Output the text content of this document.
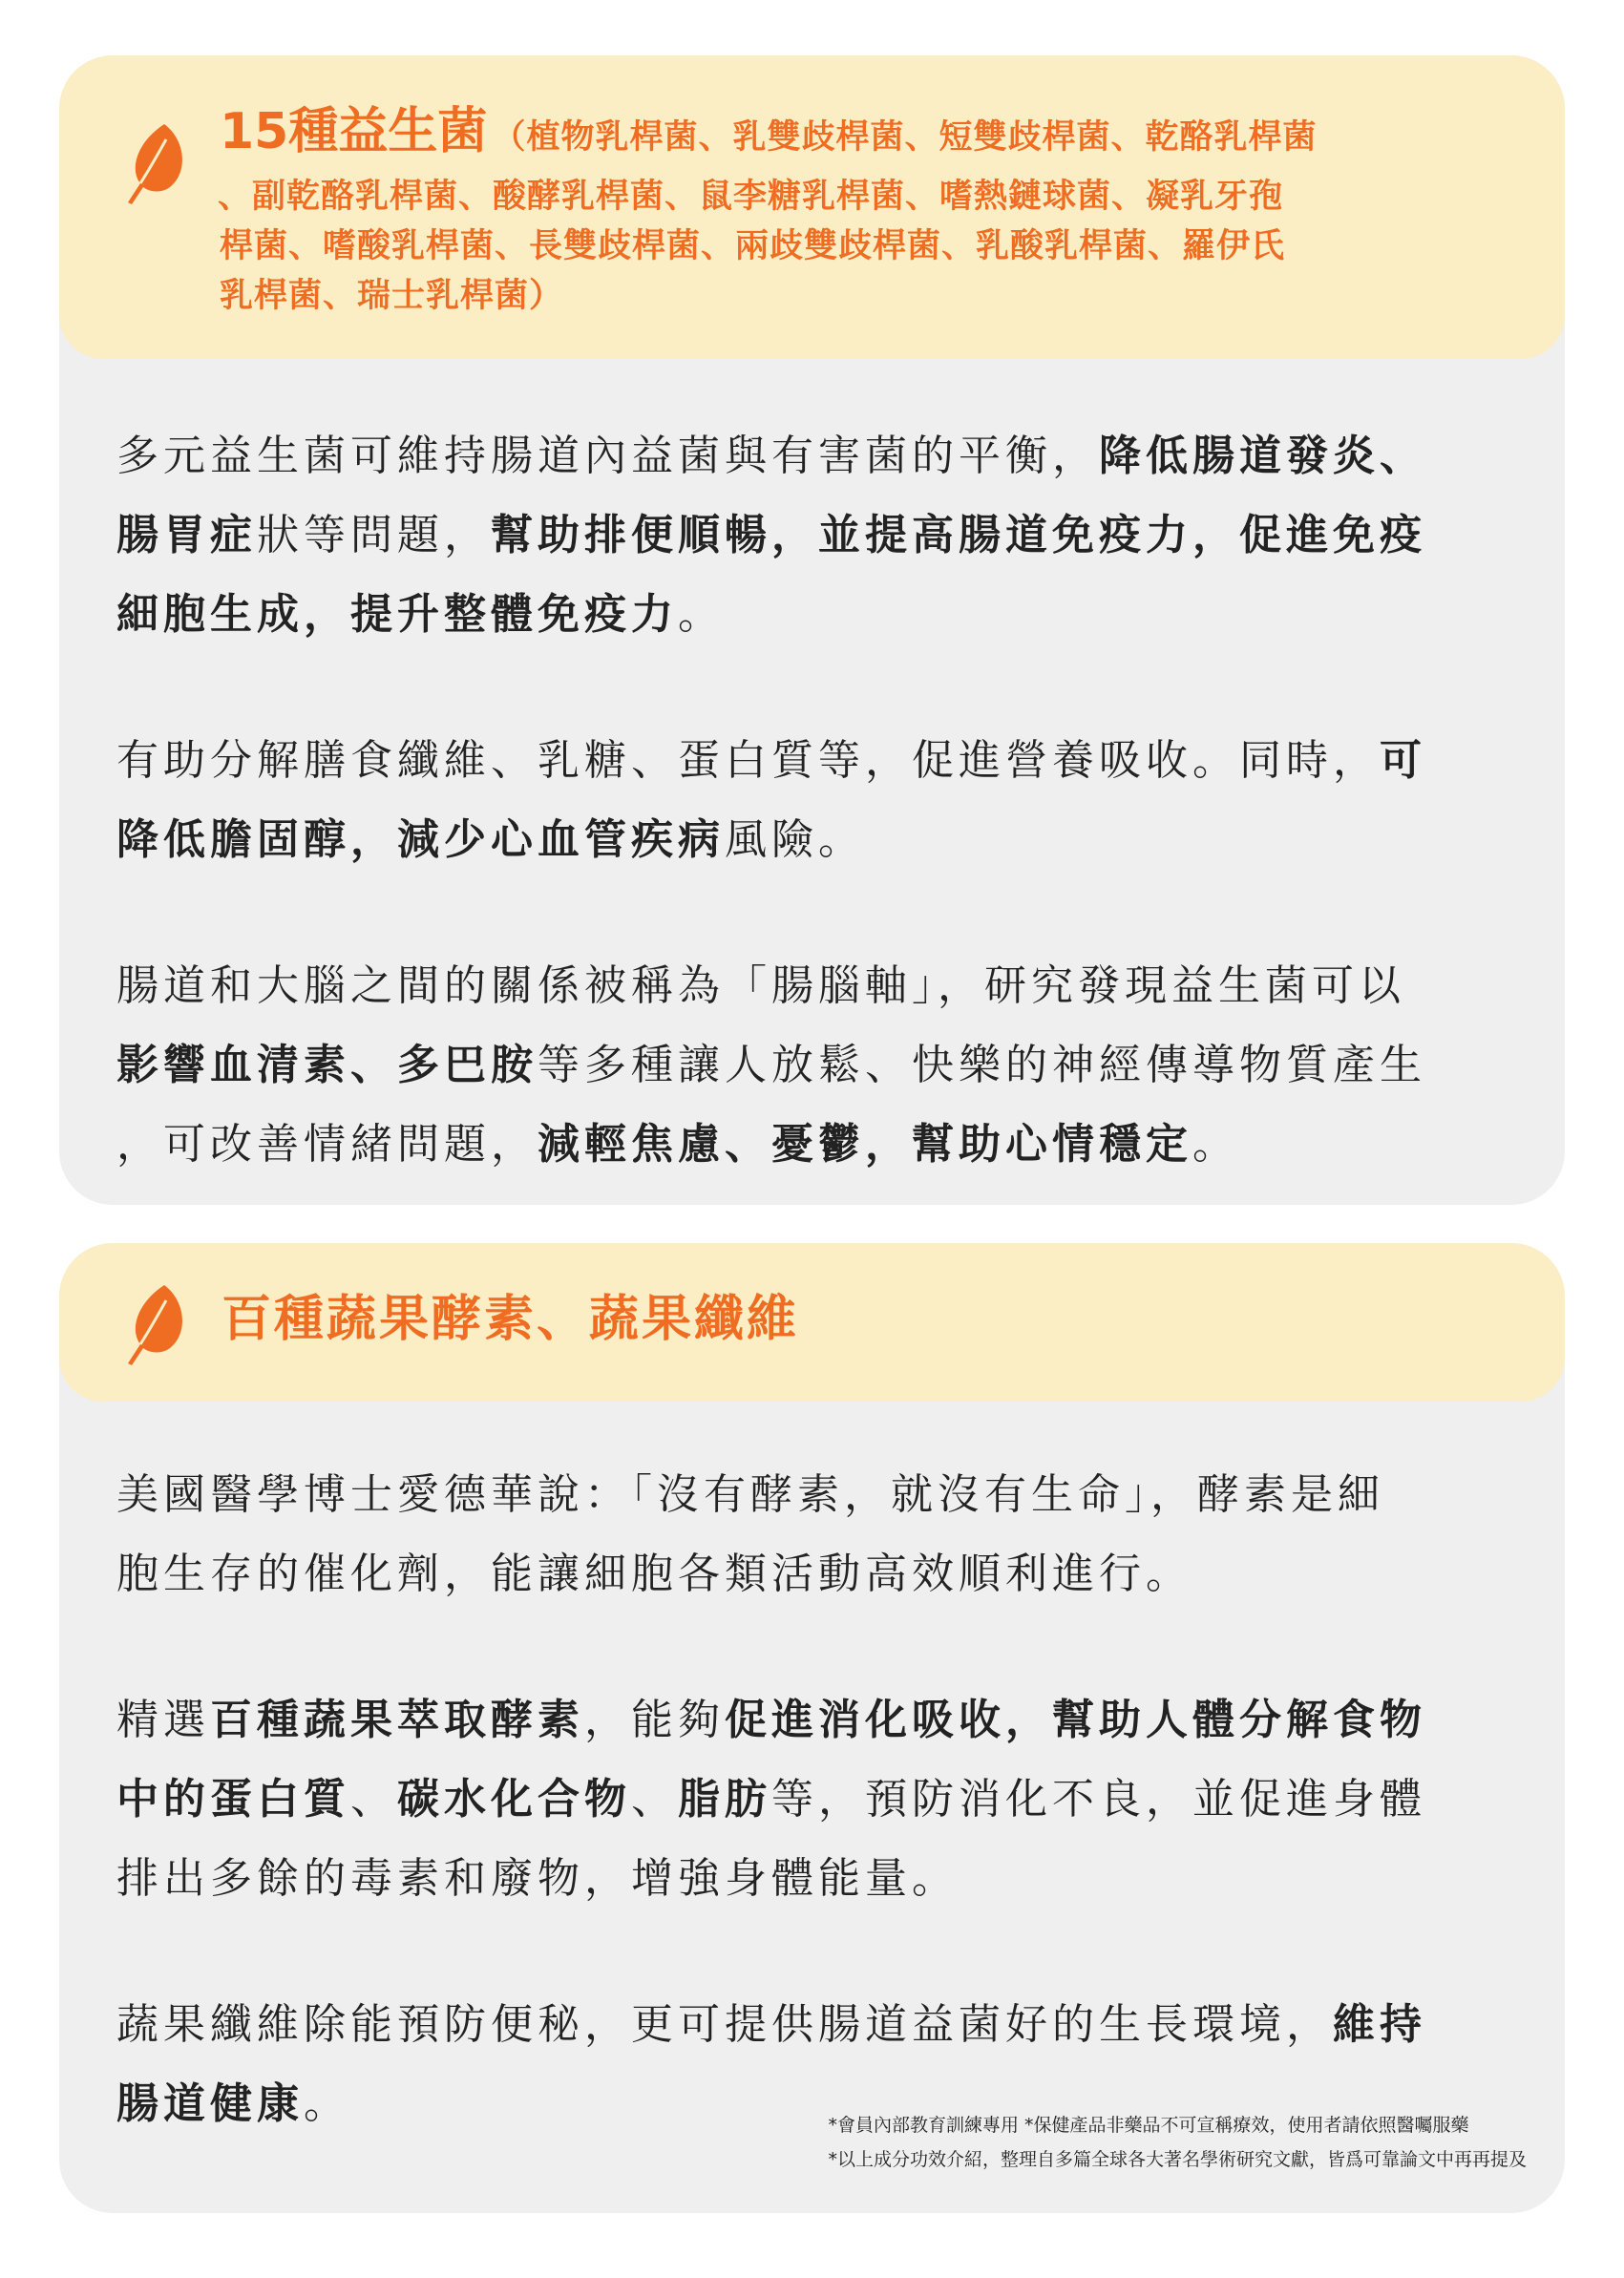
15種益生菌 （植物乳桿菌、乳雙歧桿菌、短雙歧桿菌、乾酪乳桿菌
、副乾酪乳桿菌、酸酵乳桿菌、鼠李糖乳桿菌、嗜熱鏈球菌、凝乳牙孢
桿菌、嗜酸乳桿菌、長雙歧桿菌、兩歧雙歧桿菌、乳酸乳桿菌、羅伊氏
乳桿菌、瑞士乳桿菌）

多元益生菌可維持腸道內益菌與有害菌的平衡，降低腸道發炎、

腸胃症狀等問題，幫助排便順暢，並提高腸道免疫力，促進免疫

細胞生成，提升整體免疫力。

有助分解膳食纖維、乳糖、蛋白質等，促進營養吸收。同時，可

降低膽固醇，減少心血管疾病風險。

腸道和大腦之間的關係被稱為「腸腦軸」，研究發現益生菌可以

影響血清素、多巴胺等多種讓人放鬆、快樂的神經傳導物質產生

，可改善情緒問題，減輕焦慮、憂鬱，幫助心情穩定。

百種蔬果酵素、蔬果纖維

美國醫學博士愛德華說：「沒有酵素，就沒有生命」，酵素是細

胞生存的催化劑，能讓細胞各類活動高效順利進行。

精選百種蔬果萃取酵素，能夠促進消化吸收，幫助人體分解食物

中的蛋白質、碳水化合物、脂肪等，預防消化不良，並促進身體

排出多餘的毒素和廢物，增強身體能量。

蔬果纖維除能預防便秘，更可提供腸道益菌好的生長環境，維持

腸道健康。	*會員內部教育訓練專用 *保健產品非藥品不可宣稱療效，使用者請依照醫囑服藥
*以上成分功效介紹，整理自多篇全球各大著名學術研究文獻，皆爲可靠論文中再再提及
